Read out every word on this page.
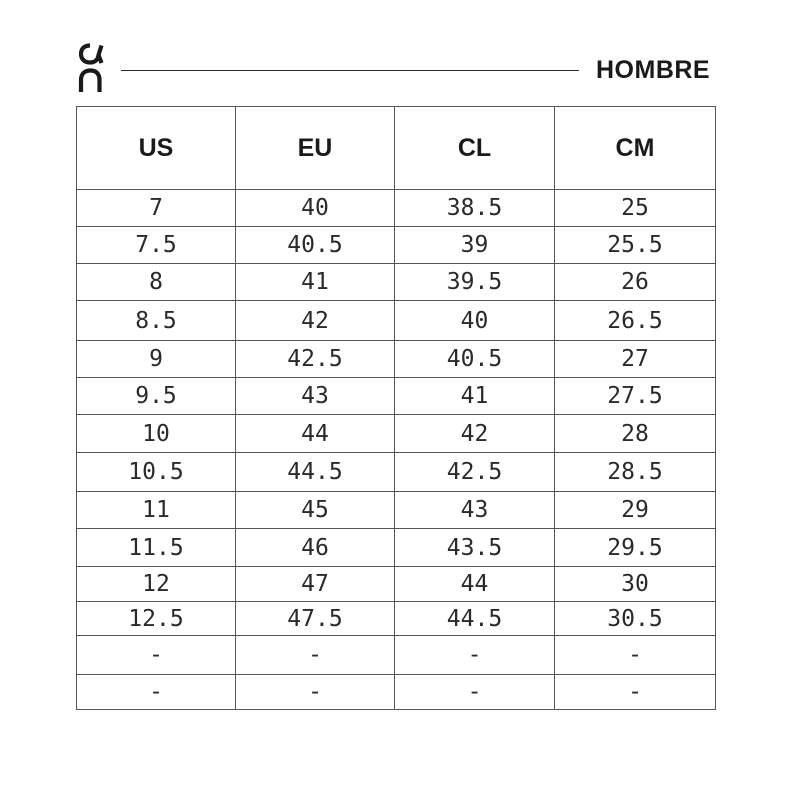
HOMBRE
US	EU	CL	CM
7	40	38.5	25
7.5	40.5	39	25.5
8	41	39.5	26
8.5	42	40	26.5
9	42.5	40.5	27
9.5	43	41	27.5
10	44	42	28
10.5	44.5	42.5	28.5
11	45	43	29
11.5	46	43.5	29.5
12	47	44	30
12.5	47.5	44.5	30.5
-	-	-	-
-	-	-	-
